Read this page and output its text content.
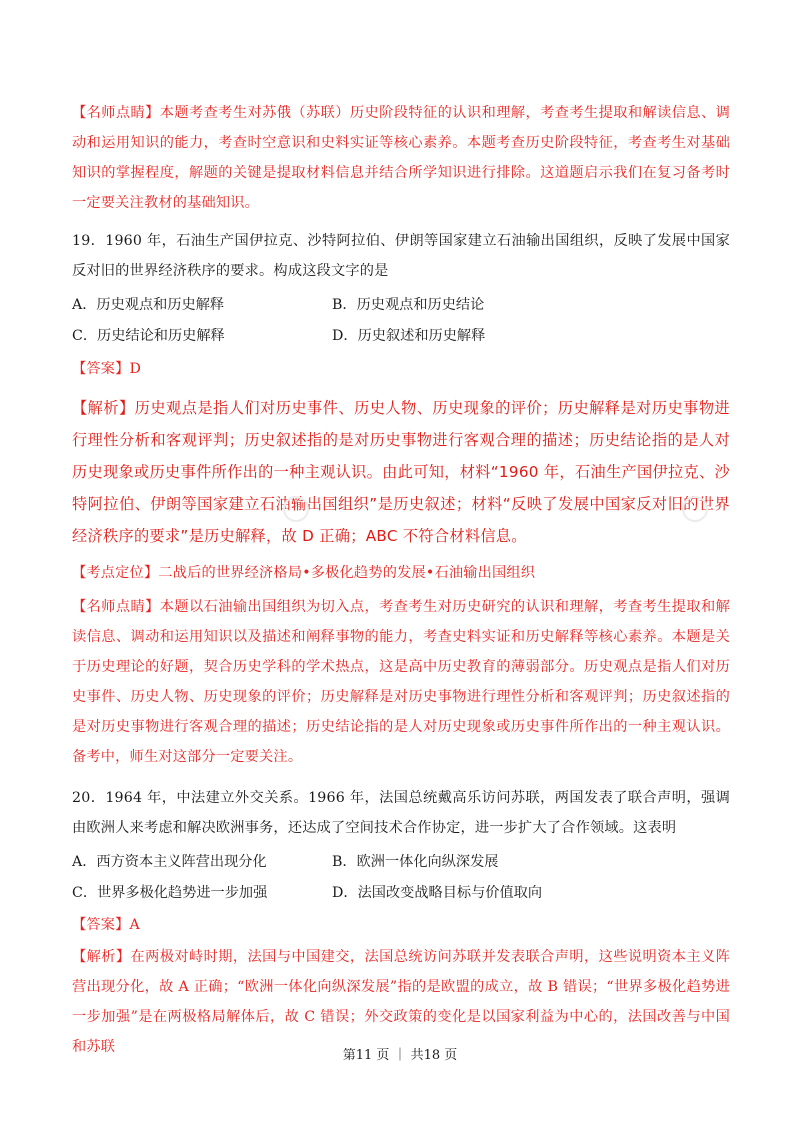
【名师点睛】本题考查考生对苏俄（苏联）历史阶段特征的认识和理解，考查考生提取和解读信息、调动和运用知识的能力，考查时空意识和史料实证等核心素养。本题考查历史阶段特征，考查考生对基础知识的掌握程度，解题的关键是提取材料信息并结合所学知识进行排除。这道题启示我们在复习备考时一定要关注教材的基础知识。
19．1960 年，石油生产国伊拉克、沙特阿拉伯、伊朗等国家建立石油输出国组织，反映了发展中国家反对旧的世界经济秩序的要求。构成这段文字的是
A．历史观点和历史解释	B．历史观点和历史结论
C．历史结论和历史解释	D．历史叙述和历史解释
【答案】D
【解析】历史观点是指人们对历史事件、历史人物、历史现象的评价；历史解释是对历史事物进行理性分析和客观评判；历史叙述指的是对历史事物进行客观合理的描述；历史结论指的是人对历史现象或历史事件所作出的一种主观认识。由此可知，材料“1960 年，石油生产国伊拉克、沙特阿拉伯、伊朗等国家建立石油输出国组织”是历史叙述；材料“反映了发展中国家反对旧的世界经济秩序的要求”是历史解释，故 D 正确；ABC 不符合材料信息。
【考点定位】二战后的世界经济格局•多极化趋势的发展•石油输出国组织
【名师点睛】本题以石油输出国组织为切入点，考查考生对历史研究的认识和理解，考查考生提取和解读信息、调动和运用知识以及描述和阐释事物的能力，考查史料实证和历史解释等核心素养。本题是关于历史理论的好题，契合历史学科的学术热点，这是高中历史教育的薄弱部分。历史观点是指人们对历史事件、历史人物、历史现象的评价；历史解释是对历史事物进行理性分析和客观评判；历史叙述指的是对历史事物进行客观合理的描述；历史结论指的是人对历史现象或历史事件所作出的一种主观认识。备考中，师生对这部分一定要关注。
20．1964 年，中法建立外交关系。1966 年，法国总统戴高乐访问苏联，两国发表了联合声明，强调由欧洲人来考虑和解决欧洲事务，还达成了空间技术合作协定，进一步扩大了合作领域。这表明
A．西方资本主义阵营出现分化	B．欧洲一体化向纵深发展
C．世界多极化趋势进一步加强	D．法国改变战略目标与价值取向
【答案】A
【解析】在两极对峙时期，法国与中国建交，法国总统访问苏联并发表联合声明，这些说明资本主义阵营出现分化，故 A 正确；“欧洲一体化向纵深发展”指的是欧盟的成立，故 B 错误；“世界多极化趋势进一步加强”是在两极格局解体后，故 C 错误；外交政策的变化是以国家利益为中心的，法国改善与中国和苏联
第11 页 ｜ 共18 页
